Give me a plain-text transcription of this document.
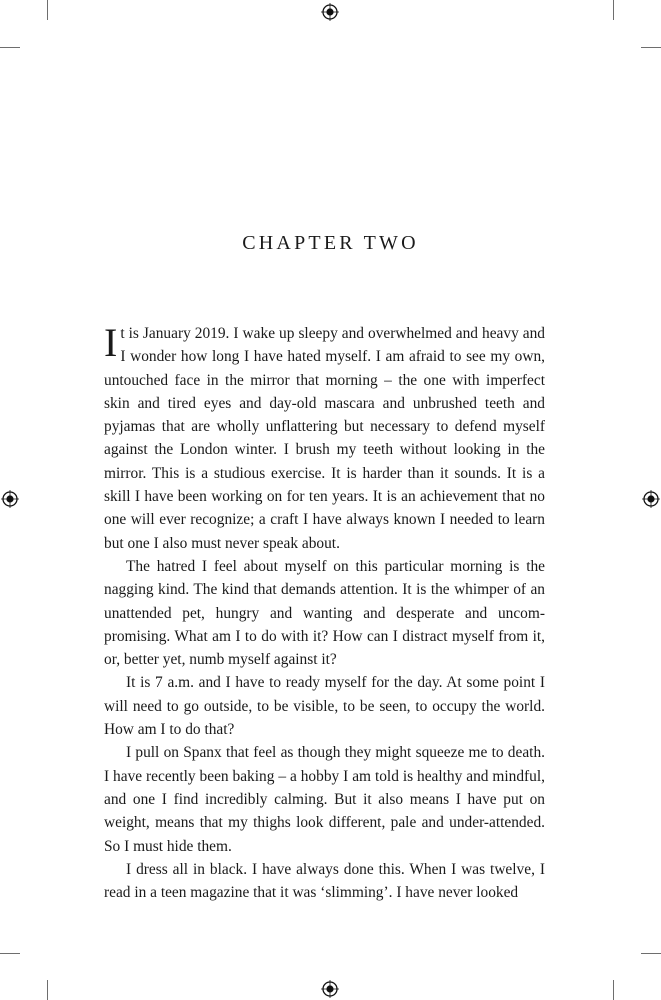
CHAPTER TWO

It is January 2019. I wake up sleepy and overwhelmed and heavy and I wonder how long I have hated myself. I am afraid to see my own, untouched face in the mirror that morning – the one with imperfect skin and tired eyes and day-old mascara and unbrushed teeth and pyjamas that are wholly unflattering but necessary to defend myself against the London winter. I brush my teeth without looking in the mirror. This is a studious exercise. It is harder than it sounds. It is a skill I have been working on for ten years. It is an achievement that no one will ever recognize; a craft I have always known I needed to learn but one I also must never speak about.

The hatred I feel about myself on this particular morning is the nagging kind. The kind that demands attention. It is the whimper of an unattended pet, hungry and wanting and desperate and uncompromising. What am I to do with it? How can I distract myself from it, or, better yet, numb myself against it?

It is 7 a.m. and I have to ready myself for the day. At some point I will need to go outside, to be visible, to be seen, to occupy the world. How am I to do that?

I pull on Spanx that feel as though they might squeeze me to death. I have recently been baking – a hobby I am told is healthy and mindful, and one I find incredibly calming. But it also means I have put on weight, means that my thighs look different, pale and under-attended. So I must hide them.

I dress all in black. I have always done this. When I was twelve, I read in a teen magazine that it was ‘slimming’. I have never looked
